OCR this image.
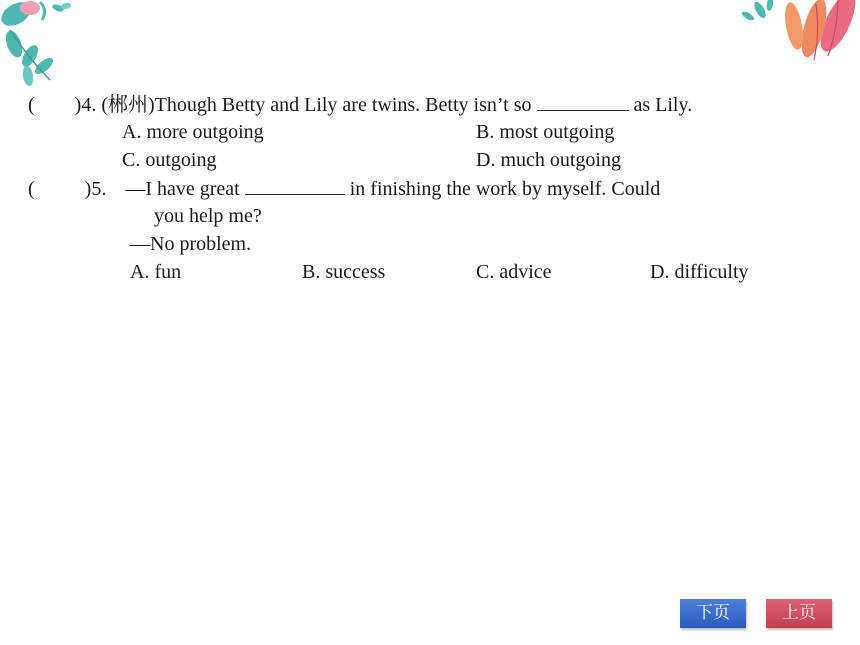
( )4. (郴州)Though Betty and Lily are twins. Betty isn’t so	as Lily.
A. more outgoing	B. most outgoing
C. outgoing	D. much outgoing
(	)5. —I have great	in finishing the work by myself. Could
you help me?
—No problem.
A. fun	B. success	C. advice	D. difficulty
下页	上页
